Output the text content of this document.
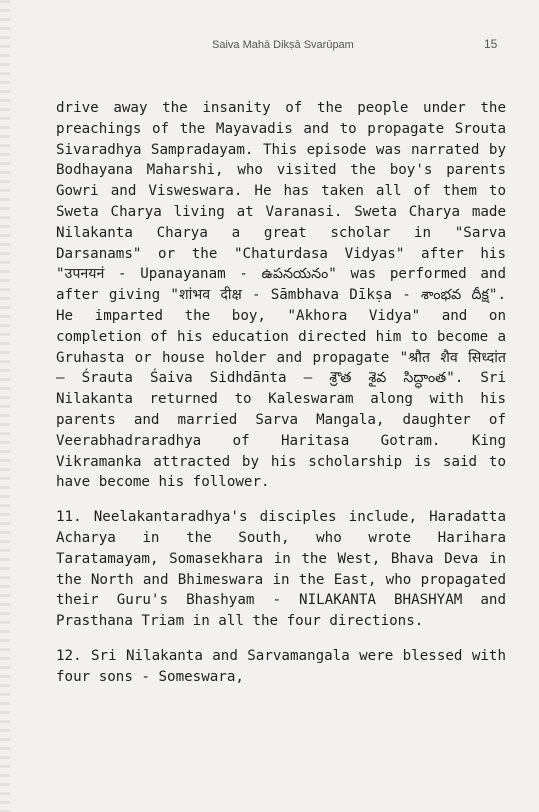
Saiva Mahā Dikṣā Svarūpam	15

drive away the insanity of the people under the preachings of the Mayavadis and to propagate Srouta Sivaradhya Sampradayam. This episode was narrated by Bodhayana Maharshi, who visited the boy's parents Gowri and Visweswara. He has taken all of them to Sweta Charya living at Varanasi. Sweta Charya made Nilakanta Charya a great scholar in "Sarva Darsanams" or the "Chaturdasa Vidyas" after his "उपनयनं - Upanayanam - ఉపనయనం" was performed and after giving "शांभव दीक्ष - Sāmbhava Dīkṣa - శాంభవ దీక్ష". He imparted the boy, "Akhora Vidya" and on completion of his education directed him to become a Gruhasta or house holder and propagate "श्रौत शैव सिध्दांत – Śrauta Śaiva Sidhdānta – శ్రౌత శైవ సిద్ధాంత". Sri Nilakanta returned to Kaleswaram along with his parents and married Sarva Mangala, daughter of Veerabhadraradhya of Haritasa Gotram. King Vikramanka attracted by his scholarship is said to have become his follower.

11. Neelakantaradhya's disciples include, Haradatta Acharya in the South, who wrote Harihara Taratamayam, Somasekhara in the West, Bhava Deva in the North and Bhimeswara in the East, who propagated their Guru's Bhashyam - NILAKANTA BHASHYAM and Prasthana Triam in all the four directions.

12. Sri Nilakanta and Sarvamangala were blessed with four sons - Someswara,
